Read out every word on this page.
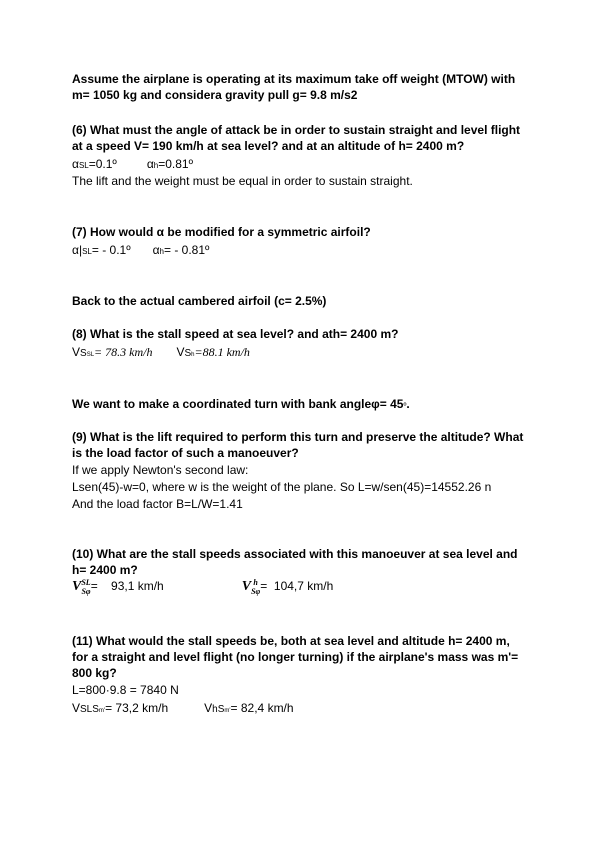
Assume the airplane is operating at its maximum take off weight (MTOW) with

m= 1050 kg and considera gravity pull g= 9.8 m/s2

(6) What must the angle of attack be in order to sustain straight and level flight

at a speed V= 190 km/h at sea level? and at an altitude of h= 2400 m?

αSL=0.1º	αh=0.81º

The lift and the weight must be equal in order to sustain straight.

(7) How would α be modified for a symmetric airfoil?

α|SL= - 0.1º αh= - 0.81º

Back to the actual cambered airfoil (c= 2.5%)

(8) What is the stall speed at sea level? and ath= 2400 m?

VSSL= 78.3 km/h VSh=88.1 km/h

We want to make a coordinated turn with bank angleφ= 45º.

(9) What is the lift required to perform this turn and preserve the altitude? What

is the load factor of such a manoeuver?

If we apply Newton's second law:

Lsen(45)-w=0, where w is the weight of the plane. So L=w/sen(45)=14552.26 n

And the load factor B=L/W=1.41

(10) What are the stall speeds associated with this manoeuver at sea level and

h= 2400 m?

V SL
Sφ =    93,1 km/h	V h
Sφ =  104,7 km/h

(11) What would the stall speeds be, both at sea level and altitude h= 2400 m,

for a straight and level flight (no longer turning) if the airplane's mass was m'=

800 kg?

L=800·9.8 = 7840 N

VSLSm'= 73,2 km/h	VhSm'= 82,4 km/h
